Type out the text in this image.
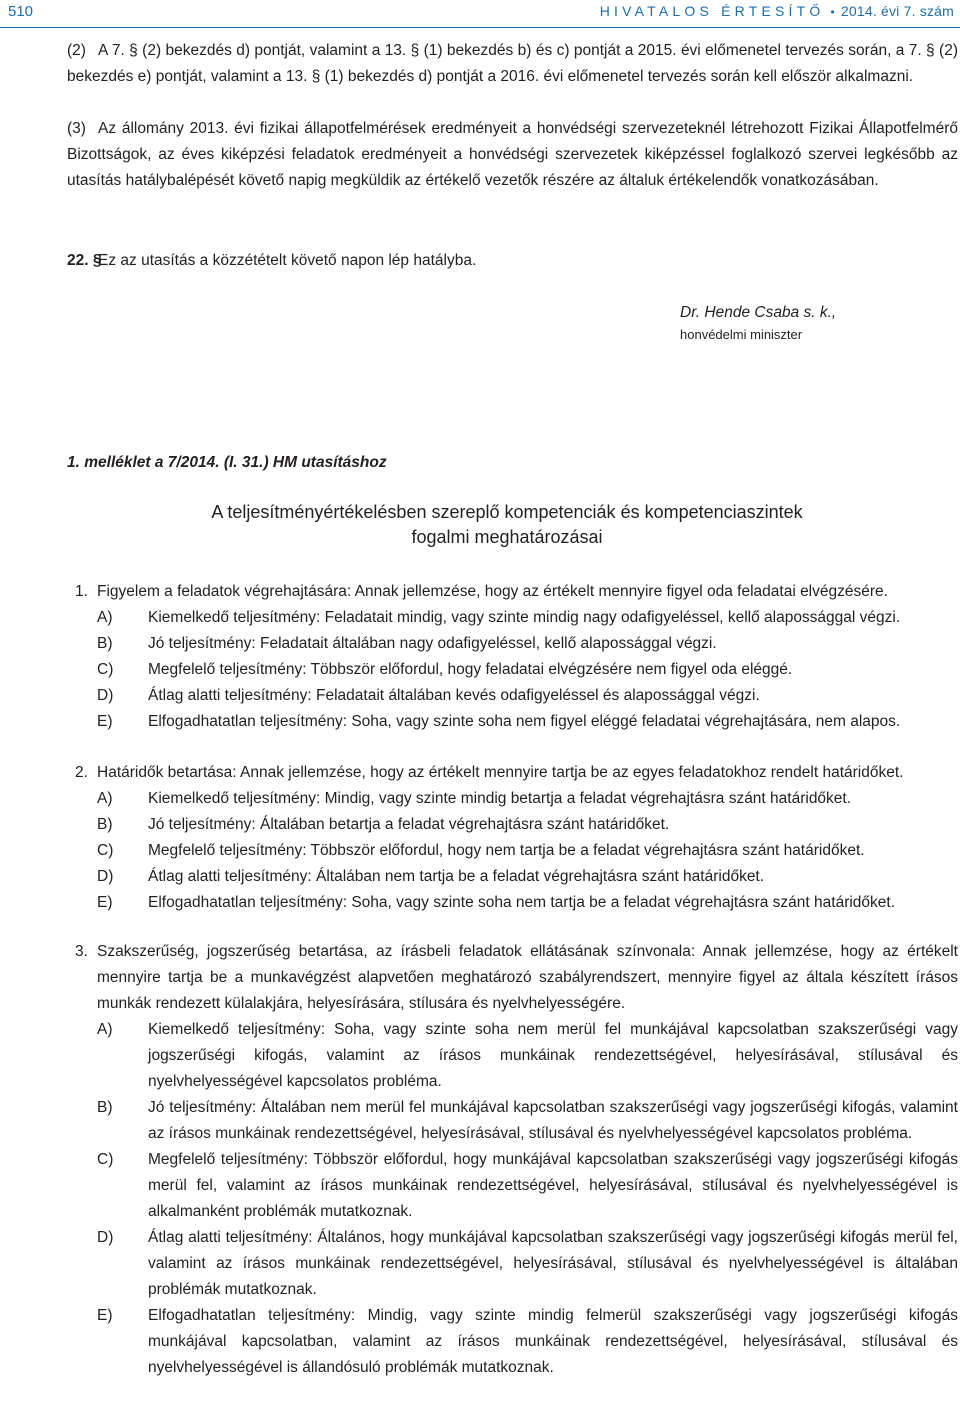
510	HIVATALOS ÉRTESÍTŐ • 2014. évi 7. szám
(2) A 7. § (2) bekezdés d) pontját, valamint a 13. § (1) bekezdés b) és c) pontját a 2015. évi előmenetel tervezés során, a 7. § (2) bekezdés e) pontját, valamint a 13. § (1) bekezdés d) pontját a 2016. évi előmenetel tervezés során kell először alkalmazni.
(3) Az állomány 2013. évi fizikai állapotfelmérések eredményeit a honvédségi szervezeteknél létrehozott Fizikai Állapotfelmérő Bizottságok, az éves kiképzési feladatok eredményeit a honvédségi szervezetek kiképzéssel foglalkozó szervei legkésőbb az utasítás hatálybalépését követő napig megküldik az értékelő vezetők részére az általuk értékelendők vonatkozásában.
22. §
Ez az utasítás a közzétételt követő napon lép hatályba.
Dr. Hende Csaba s. k.,
honvédelmi miniszter
1. melléklet a 7/2014. (I. 31.) HM utasításhoz
A teljesítményértékelésben szereplő kompetenciák és kompetenciaszintek
fogalmi meghatározásai
1. Figyelem a feladatok végrehajtására: Annak jellemzése, hogy az értékelt mennyire figyel oda feladatai elvégzésére.
A) Kiemelkedő teljesítmény: Feladatait mindig, vagy szinte mindig nagy odafigyeléssel, kellő alapossággal végzi.
B) Jó teljesítmény: Feladatait általában nagy odafigyeléssel, kellő alapossággal végzi.
C) Megfelelő teljesítmény: Többször előfordul, hogy feladatai elvégzésére nem figyel oda eléggé.
D) Átlag alatti teljesítmény: Feladatait általában kevés odafigyeléssel és alapossággal végzi.
E) Elfogadhatatlan teljesítmény: Soha, vagy szinte soha nem figyel eléggé feladatai végrehajtására, nem alapos.
2. Határidők betartása: Annak jellemzése, hogy az értékelt mennyire tartja be az egyes feladatokhoz rendelt határidőket.
A) Kiemelkedő teljesítmény: Mindig, vagy szinte mindig betartja a feladat végrehajtásra szánt határidőket.
B) Jó teljesítmény: Általában betartja a feladat végrehajtásra szánt határidőket.
C) Megfelelő teljesítmény: Többször előfordul, hogy nem tartja be a feladat végrehajtásra szánt határidőket.
D) Átlag alatti teljesítmény: Általában nem tartja be a feladat végrehajtásra szánt határidőket.
E) Elfogadhatatlan teljesítmény: Soha, vagy szinte soha nem tartja be a feladat végrehajtásra szánt határidőket.
3. Szakszerűség, jogszerűség betartása, az írásbeli feladatok ellátásának színvonala: Annak jellemzése, hogy az értékelt mennyire tartja be a munkavégzést alapvetően meghatározó szabályrendszert, mennyire figyel az általa készített írásos munkák rendezett külalakjára, helyesírására, stílusára és nyelvhelyességére.
A) Kiemelkedő teljesítmény: Soha, vagy szinte soha nem merül fel munkájával kapcsolatban szakszerűségi vagy jogszerűségi kifogás, valamint az írásos munkáinak rendezettségével, helyesírásával, stílusával és nyelvhelyességével kapcsolatos probléma.
B) Jó teljesítmény: Általában nem merül fel munkájával kapcsolatban szakszerűségi vagy jogszerűségi kifogás, valamint az írásos munkáinak rendezettségével, helyesírásával, stílusával és nyelvhelyességével kapcsolatos probléma.
C) Megfelelő teljesítmény: Többször előfordul, hogy munkájával kapcsolatban szakszerűségi vagy jogszerűségi kifogás merül fel, valamint az írásos munkáinak rendezettségével, helyesírásával, stílusával és nyelvhelyességével is alkalmanként problémák mutatkoznak.
D) Átlag alatti teljesítmény: Általános, hogy munkájával kapcsolatban szakszerűségi vagy jogszerűségi kifogás merül fel, valamint az írásos munkáinak rendezettségével, helyesírásával, stílusával és nyelvhelyességével is általában problémák mutatkoznak.
E) Elfogadhatatlan teljesítmény: Mindig, vagy szinte mindig felmerül szakszerűségi vagy jogszerűségi kifogás munkájával kapcsolatban, valamint az írásos munkáinak rendezettségével, helyesírásával, stílusával és nyelvhelyességével is állandósuló problémák mutatkoznak.
